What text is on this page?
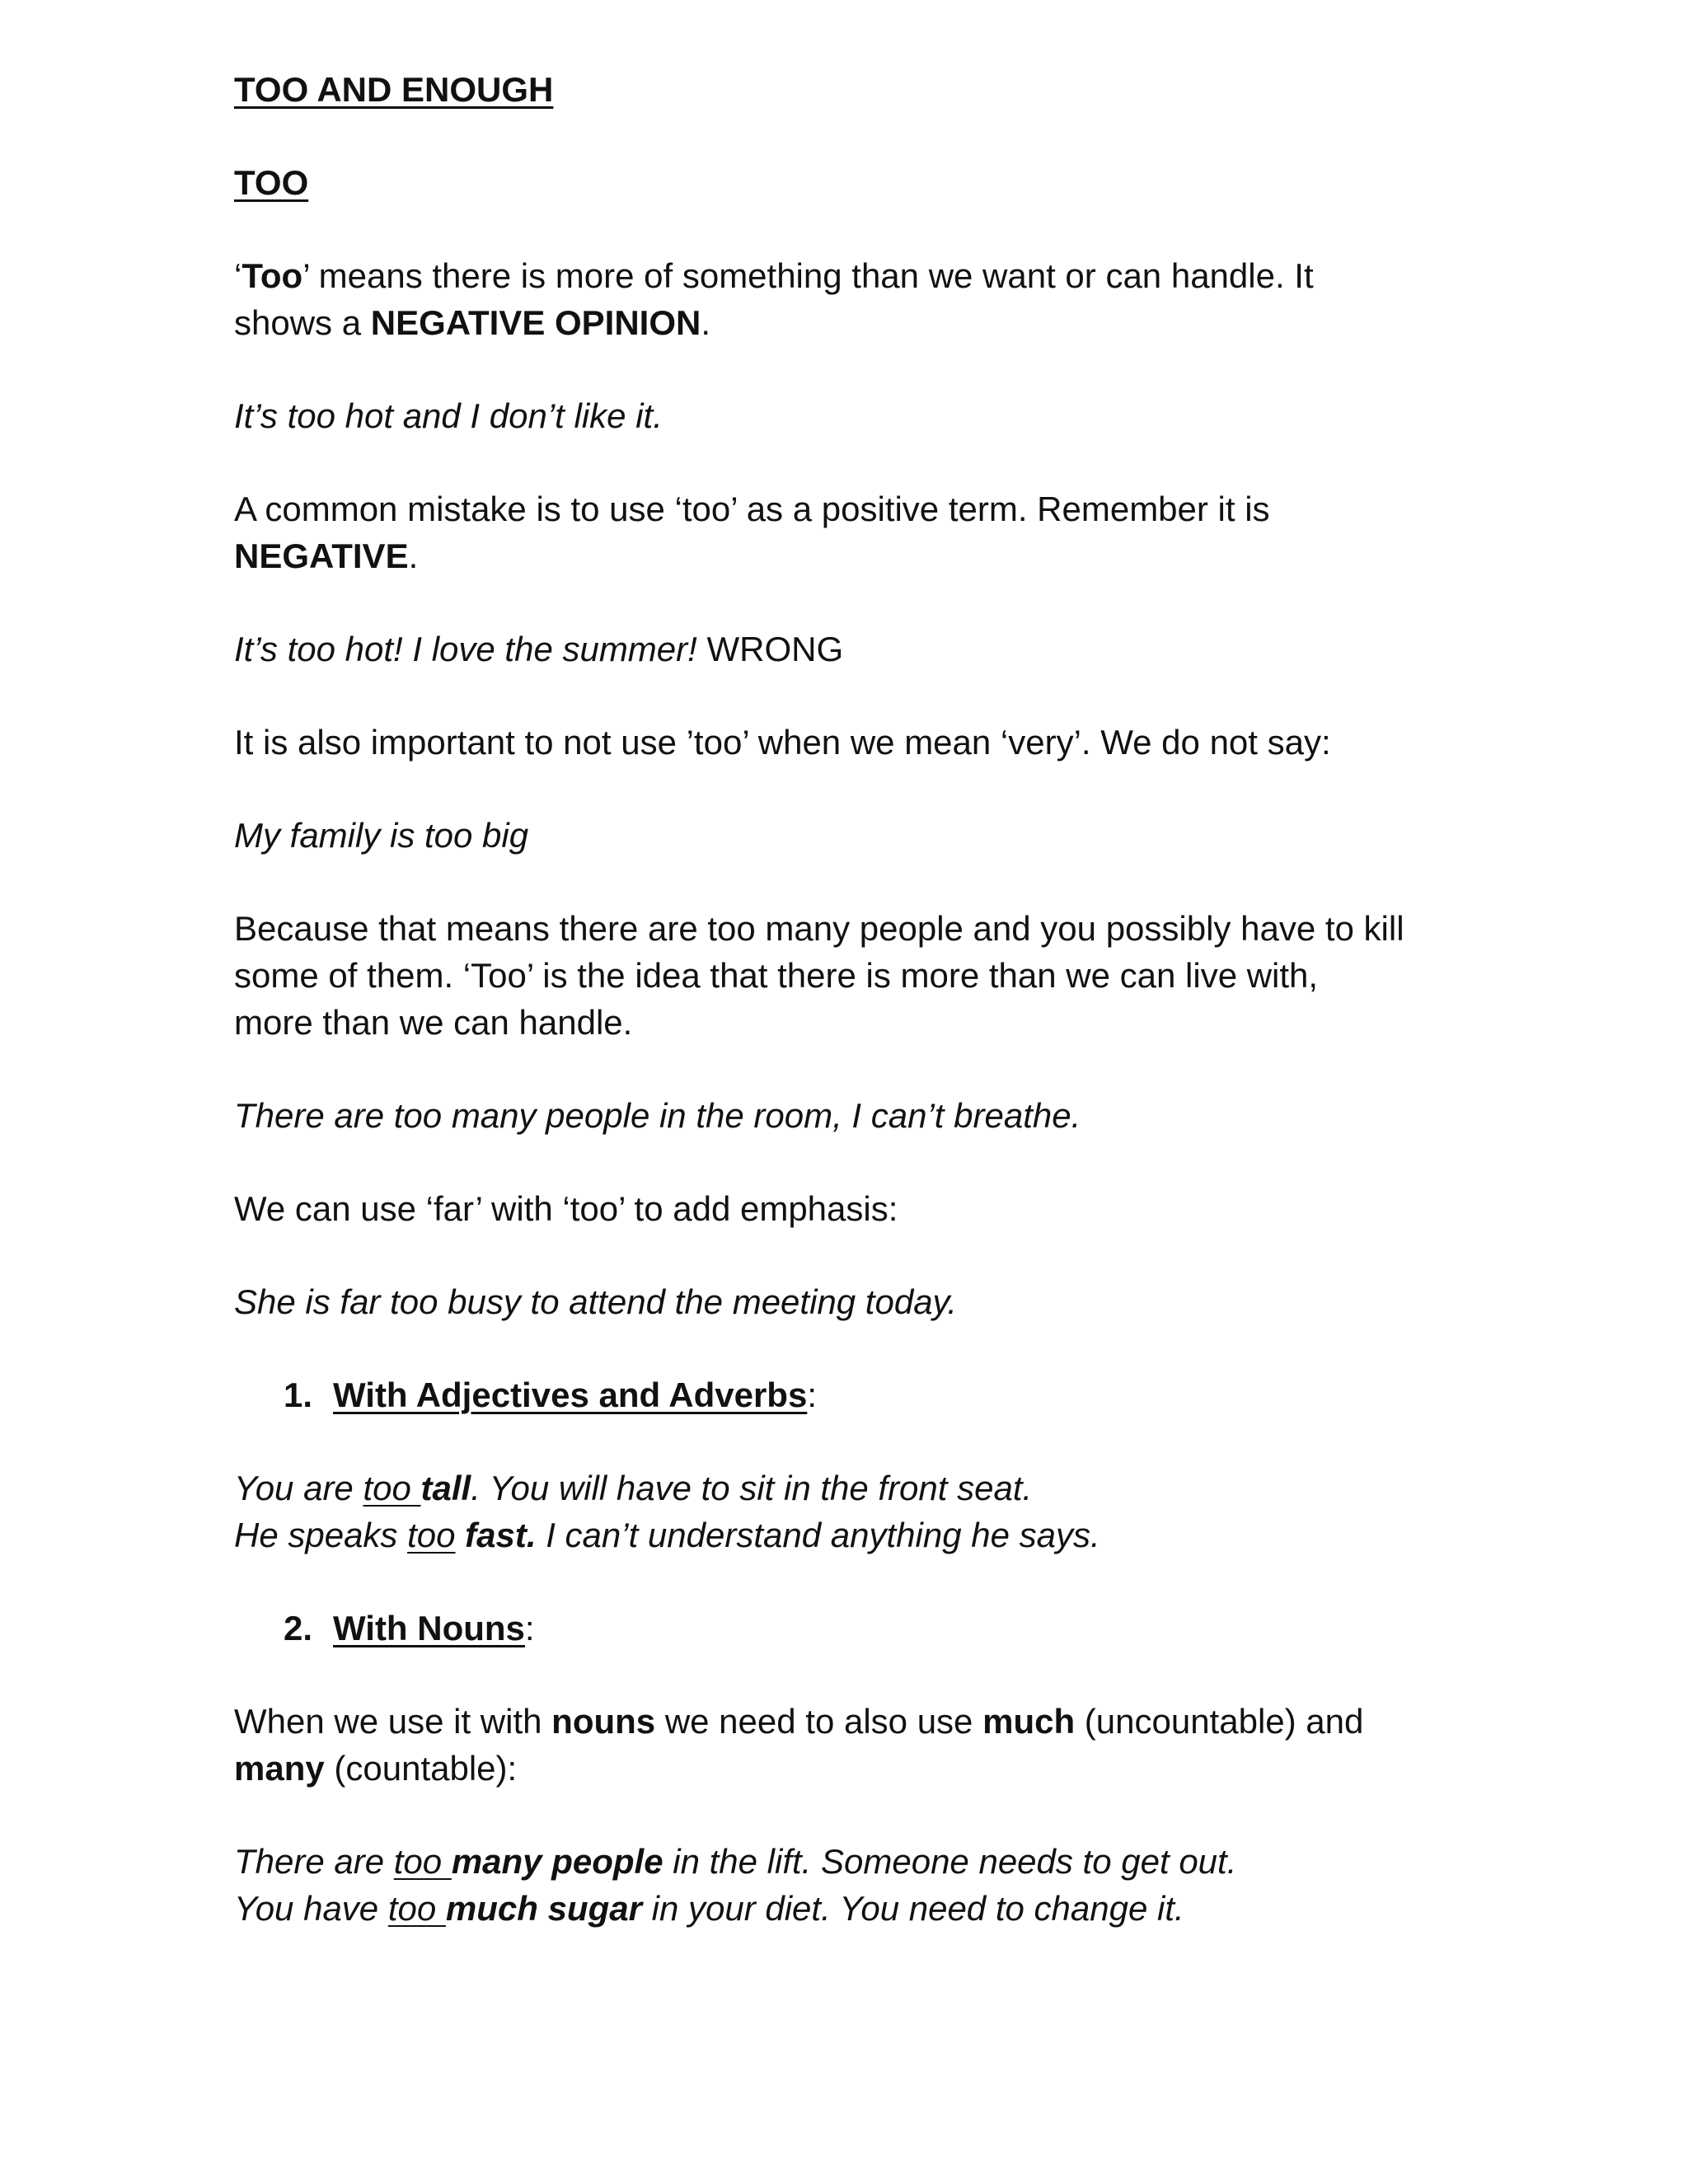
TOO AND ENOUGH
TOO
‘Too’ means there is more of something than we want or can handle. It
shows a NEGATIVE OPINION.
It’s too hot and I don’t like it.
A common mistake is to use ‘too’ as a positive term. Remember it is
NEGATIVE.
It’s too hot! I love the summer! WRONG
It is also important to not use ’too’ when we mean ‘very’. We do not say:
My family is too big
Because that means there are too many people and you possibly have to kill
some of them. ‘Too’ is the idea that there is more than we can live with,
more than we can handle.
There are too many people in the room, I can’t breathe.
We can use ‘far’ with ‘too’ to add emphasis:
She is far too busy to attend the meeting today.
1. With Adjectives and Adverbs:
You are too tall. You will have to sit in the front seat.
He speaks too fast. I can’t understand anything he says.
2. With Nouns:
When we use it with nouns we need to also use much (uncountable) and
many (countable):
There are too many people in the lift. Someone needs to get out.
You have too much sugar in your diet. You need to change it.
